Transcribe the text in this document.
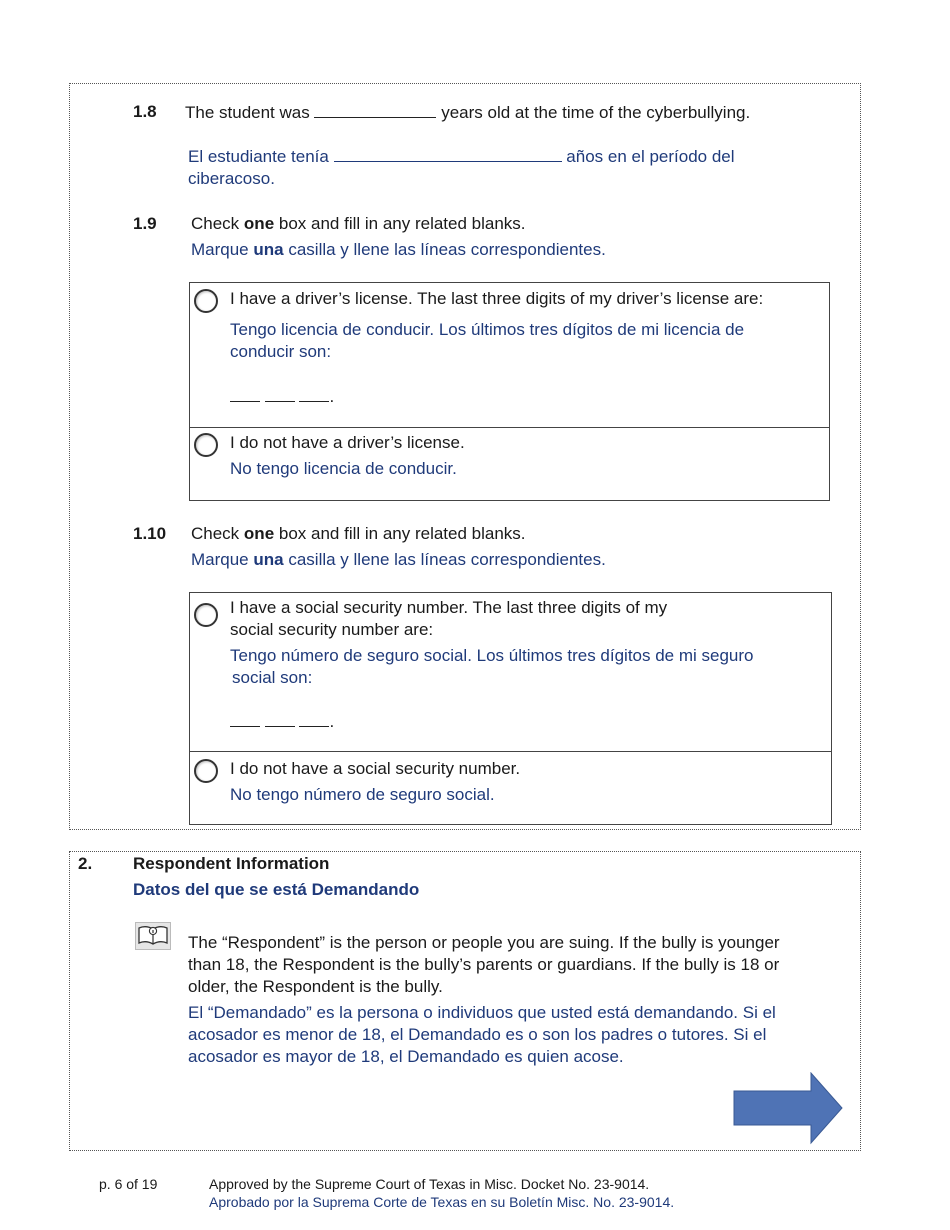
1.8 The student was	years old at the time of the cyberbullying.
El estudiante tenía	años en el período del
ciberacoso.
1.9 Check one box and fill in any related blanks.
Marque una casilla y llene las líneas correspondientes.
I have a driver’s license. The last three digits of my driver’s license are:
Tengo licencia de conducir. Los últimos tres dígitos de mi licencia de
conducir son:
.
I do not have a driver’s license.
No tengo licencia de conducir.
1.10 Check one box and fill in any related blanks.
Marque una casilla y llene las líneas correspondientes.
I have a social security number. The last three digits of my
social security number are:
Tengo número de seguro social. Los últimos tres dígitos de mi seguro
social son:
.
I do not have a social security number.
No tengo número de seguro social.
2. Respondent Information
Datos del que se está Demandando
The “Respondent” is the person or people you are suing. If the bully is younger
than 18, the Respondent is the bully’s parents or guardians. If the bully is 18 or
older, the Respondent is the bully.
El “Demandado” es la persona o individuos que usted está demandando. Si el
acosador es menor de 18, el Demandado es o son los padres o tutores. Si el
acosador es mayor de 18, el Demandado es quien acose.
p. 6 of 19	Approved by the Supreme Court of Texas in Misc. Docket No. 23-9014.
Aprobado por la Suprema Corte de Texas en su Boletín Misc. No. 23-9014.
